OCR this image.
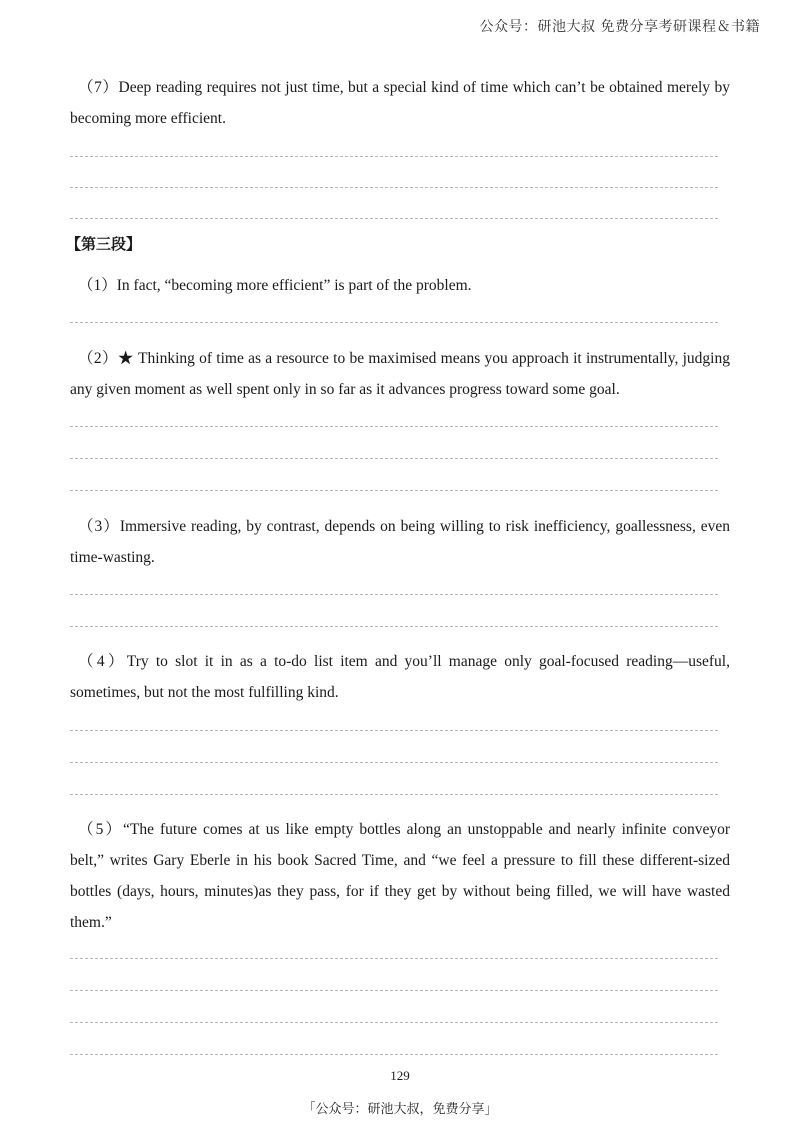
公众号：研池大叔 免费分享考研课程＆书籍
（7）Deep reading requires not just time, but a special kind of time which can’t be obtained merely by becoming more efficient.
【第三段】
（1）In fact, “becoming more efficient” is part of the problem.
（2）★ Thinking of time as a resource to be maximised means you approach it instrumentally, judging any given moment as well spent only in so far as it advances progress toward some goal.
（3）Immersive reading, by contrast, depends on being willing to risk inefficiency, goallessness, even time-wasting.
（4）Try to slot it in as a to-do list item and you’ll manage only goal-focused reading—useful, sometimes, but not the most fulfilling kind.
（5）“The future comes at us like empty bottles along an unstoppable and nearly infinite conveyor belt,” writes Gary Eberle in his book Sacred Time, and “we feel a pressure to fill these different-sized bottles (days, hours, minutes)as they pass, for if they get by without being filled, we will have wasted them.”
129
「公众号：研池大叔，免费分享」
